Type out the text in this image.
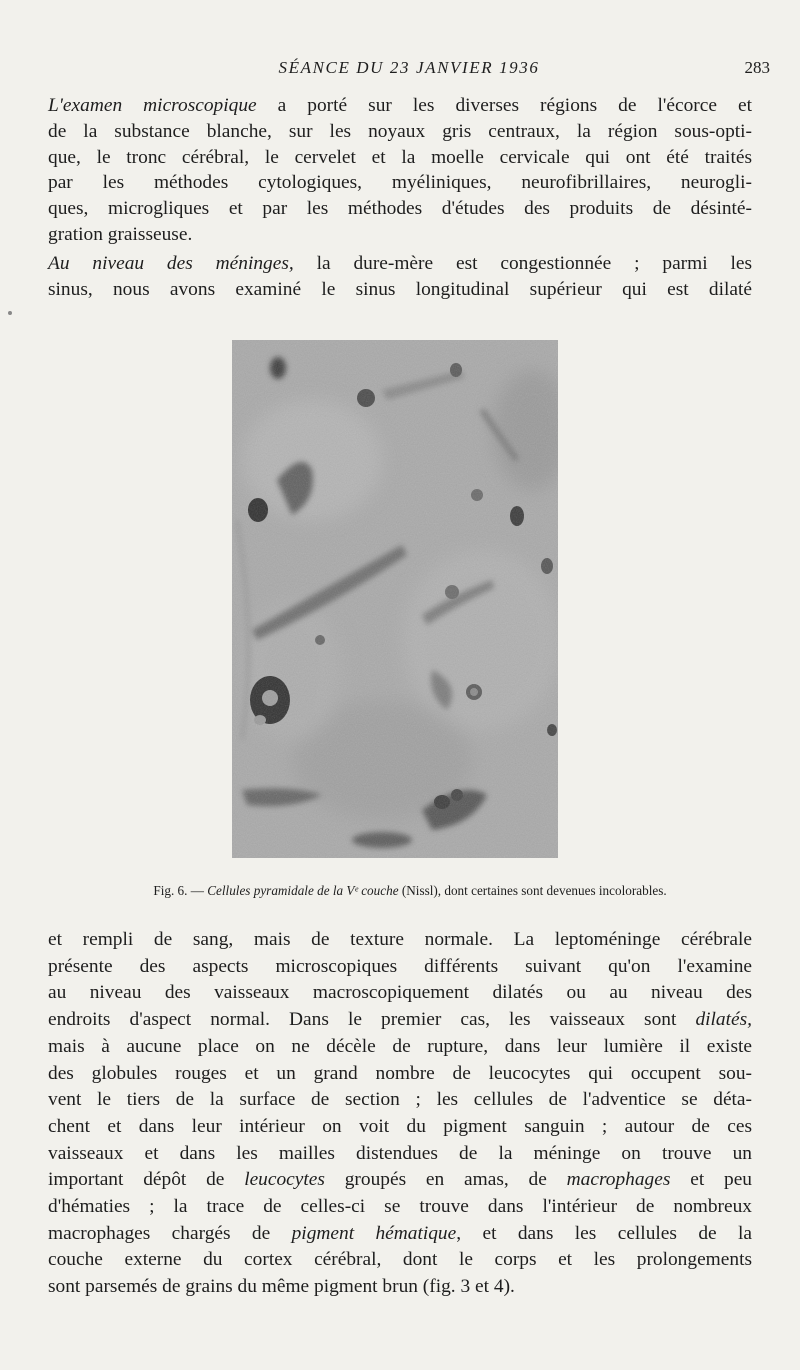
SÉANCE DU 23 JANVIER 1936	283
L'examen microscopique a porté sur les diverses régions de l'écorce et
de la substance blanche, sur les noyaux gris centraux, la région sous-opti-
que, le tronc cérébral, le cervelet et la moelle cervicale qui ont été traités
par les méthodes cytologiques, myéliniques, neurofibrillaires, neurogli-
ques, microgliques et par les méthodes d'études des produits de désinté-
gration graisseuse.
Au niveau des méninges, la dure-mère est congestionnée ; parmi les
sinus, nous avons examiné le sinus longitudinal supérieur qui est dilaté
Fig. 6. — Cellules pyramidale de la Vᵉ couche (Nissl), dont certaines sont devenues incolorables.
et rempli de sang, mais de texture normale. La leptoméninge cérébrale
présente des aspects microscopiques différents suivant qu'on l'examine
au niveau des vaisseaux macroscopiquement dilatés ou au niveau des
endroits d'aspect normal. Dans le premier cas, les vaisseaux sont dilatés,
mais à aucune place on ne décèle de rupture, dans leur lumière il existe
des globules rouges et un grand nombre de leucocytes qui occupent sou-
vent le tiers de la surface de section ; les cellules de l'adventice se déta-
chent et dans leur intérieur on voit du pigment sanguin ; autour de ces
vaisseaux et dans les mailles distendues de la méninge on trouve un
important dépôt de leucocytes groupés en amas, de macrophages et peu
d'hématies ; la trace de celles-ci se trouve dans l'intérieur de nombreux
macrophages chargés de pigment hématique, et dans les cellules de la
couche externe du cortex cérébral, dont le corps et les prolongements
sont parsemés de grains du même pigment brun (fig. 3 et 4).
